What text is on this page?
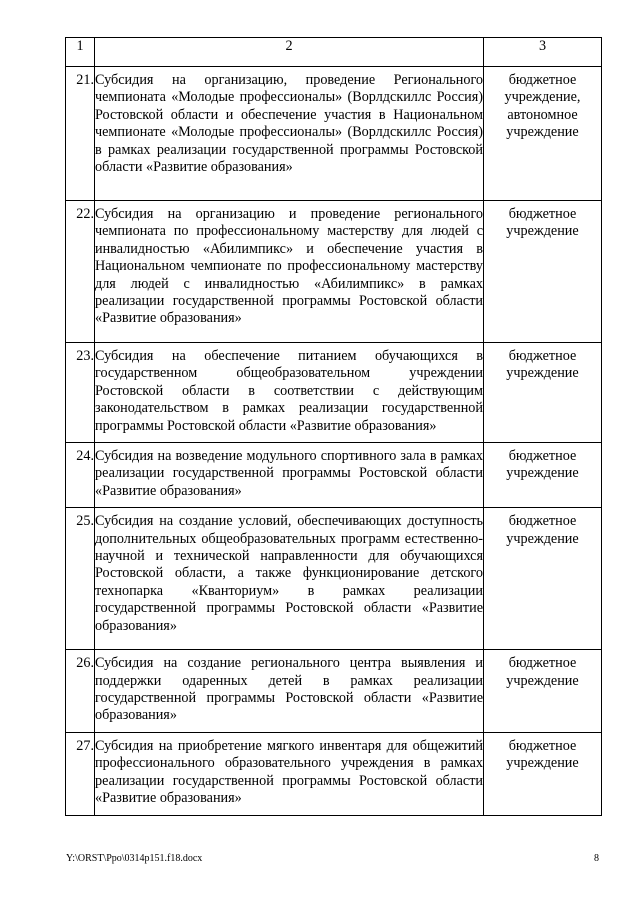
1	2	3

21.	Субсидия на организацию, проведение Регионального чемпионата «Молодые профессионалы» (Ворлдскиллс Россия) Ростовской области и обеспечение участия в Национальном чемпионате «Молодые профессионалы» (Ворлдскиллс Россия) в рамках реализации государственной программы Ростовской области «Развитие образования»	бюджетное учреждение, автономное учреждение

22.	Субсидия на организацию и проведение регионального чемпионата по профессиональному мастерству для людей с инвалидностью «Абилимпикс» и обеспечение участия в Национальном чемпионате по профессиональному мастерству для людей с инвалидностью «Абилимпикс» в рамках реализации государственной программы Ростовской области «Развитие образования»	бюджетное учреждение

23.	Субсидия на обеспечение питанием обучающихся в государственном общеобразовательном учреждении Ростовской области в соответствии с действующим законодательством в рамках реализации государственной программы Ростовской области «Развитие образования»	бюджетное учреждение

24.	Субсидия на возведение модульного спортивного зала в рамках реализации государственной программы Ростовской области «Развитие образования»	бюджетное учреждение

25.	Субсидия на создание условий, обеспечивающих доступность дополнительных общеобразовательных программ естественно-научной и технической направленности для обучающихся Ростовской области, а также функционирование детского технопарка «Кванториум» в рамках реализации государственной программы Ростовской области «Развитие образования»	бюджетное учреждение

26.	Субсидия на создание регионального центра выявления и поддержки одаренных детей в рамках реализации государственной программы Ростовской области «Развитие образования»	бюджетное учреждение

27.	Субсидия на приобретение мягкого инвентаря для общежитий профессионального образовательного учреждения в рамках реализации государственной программы Ростовской области «Развитие образования»	бюджетное учреждение
Y:\ORST\Ppo\0314p151.f18.docx	8
